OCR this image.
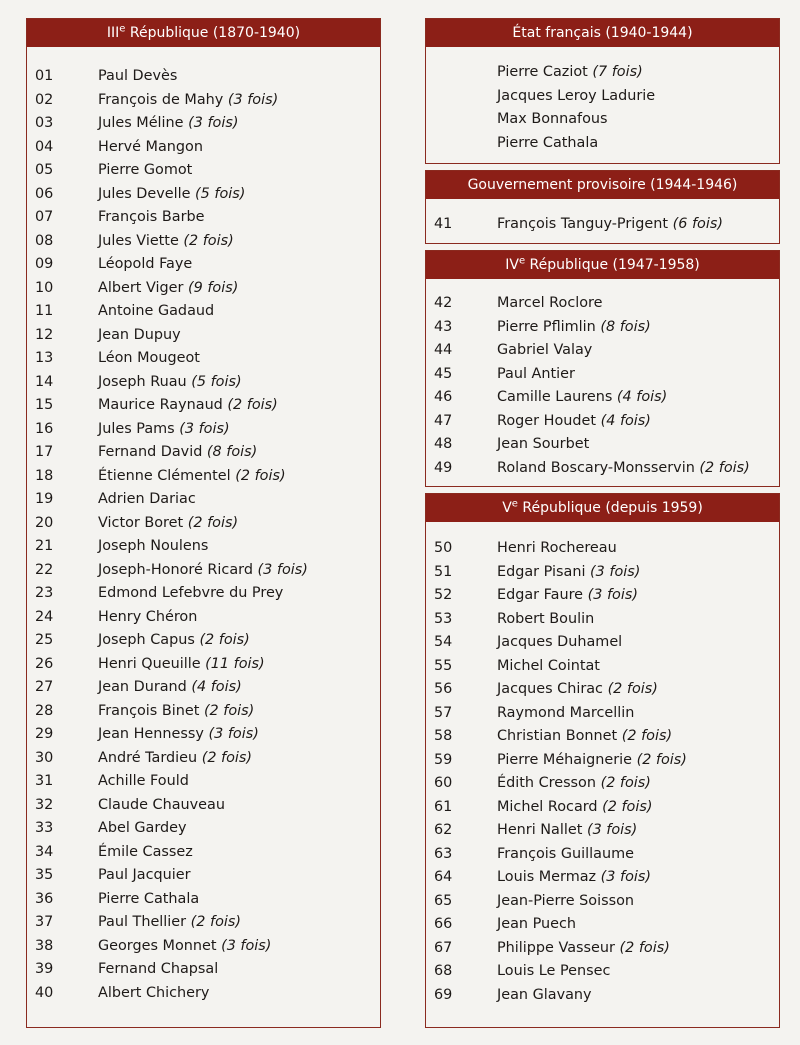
IIIe République (1870-1940)
01	Paul Devès
02	François de Mahy (3 fois)
03	Jules Méline (3 fois)
04	Hervé Mangon
05	Pierre Gomot
06	Jules Develle (5 fois)
07	François Barbe
08	Jules Viette (2 fois)
09	Léopold Faye
10	Albert Viger (9 fois)
11	Antoine Gadaud
12	Jean Dupuy
13	Léon Mougeot
14	Joseph Ruau (5 fois)
15	Maurice Raynaud (2 fois)
16	Jules Pams (3 fois)
17	Fernand David (8 fois)
18	Étienne Clémentel (2 fois)
19	Adrien Dariac
20	Victor Boret (2 fois)
21	Joseph Noulens
22	Joseph-Honoré Ricard (3 fois)
23	Edmond Lefebvre du Prey
24	Henry Chéron
25	Joseph Capus (2 fois)
26	Henri Queuille (11 fois)
27	Jean Durand (4 fois)
28	François Binet (2 fois)
29	Jean Hennessy (3 fois)
30	André Tardieu (2 fois)
31	Achille Fould
32	Claude Chauveau
33	Abel Gardey
34	Émile Cassez
35	Paul Jacquier
36	Pierre Cathala
37	Paul Thellier (2 fois)
38	Georges Monnet (3 fois)
39	Fernand Chapsal
40	Albert Chichery
État français (1940-1944)
Pierre Caziot (7 fois)
Jacques Leroy Ladurie
Max Bonnafous
Pierre Cathala
Gouvernement provisoire (1944-1946)
41	François Tanguy-Prigent (6 fois)
IVe République (1947-1958)
42	Marcel Roclore
43	Pierre Pflimlin (8 fois)
44	Gabriel Valay
45	Paul Antier
46	Camille Laurens (4 fois)
47	Roger Houdet (4 fois)
48	Jean Sourbet
49	Roland Boscary-Monsservin (2 fois)
Ve République (depuis 1959)
50	Henri Rochereau
51	Edgar Pisani (3 fois)
52	Edgar Faure (3 fois)
53	Robert Boulin
54	Jacques Duhamel
55	Michel Cointat
56	Jacques Chirac (2 fois)
57	Raymond Marcellin
58	Christian Bonnet (2 fois)
59	Pierre Méhaignerie (2 fois)
60	Édith Cresson (2 fois)
61	Michel Rocard (2 fois)
62	Henri Nallet (3 fois)
63	François Guillaume
64	Louis Mermaz (3 fois)
65	Jean-Pierre Soisson
66	Jean Puech
67	Philippe Vasseur (2 fois)
68	Louis Le Pensec
69	Jean Glavany
